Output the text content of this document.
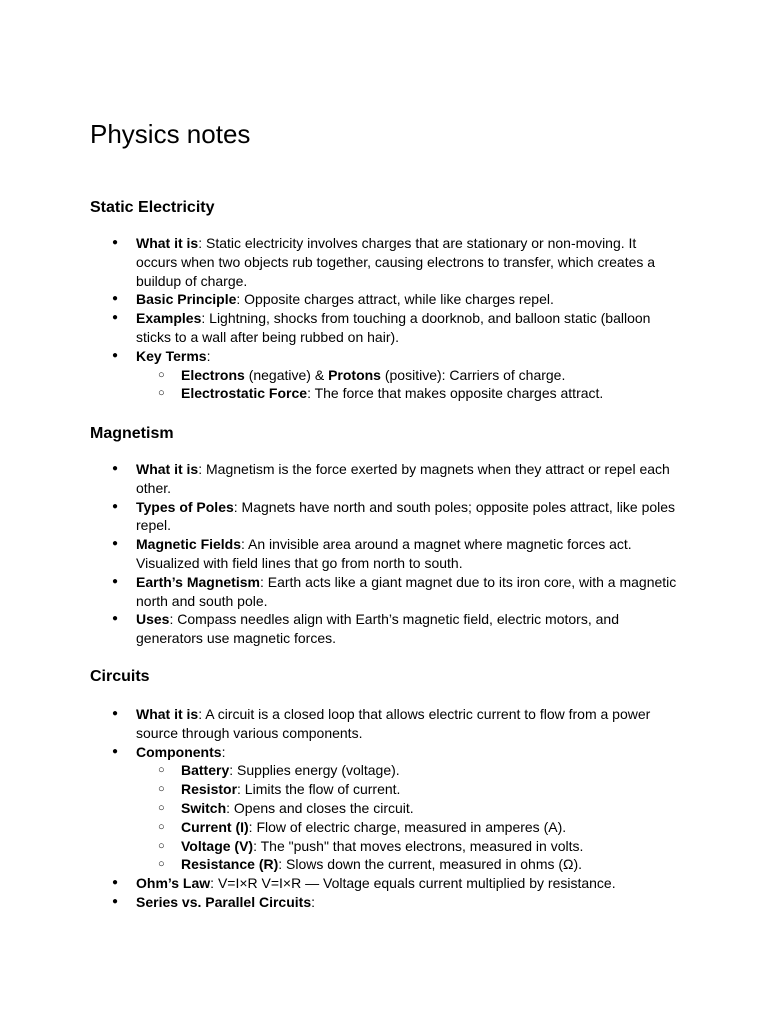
Physics notes
Static Electricity
● What it is: Static electricity involves charges that are stationary or non-moving. It occurs when two objects rub together, causing electrons to transfer, which creates a buildup of charge.
● Basic Principle: Opposite charges attract, while like charges repel.
● Examples: Lightning, shocks from touching a doorknob, and balloon static (balloon sticks to a wall after being rubbed on hair).
● Key Terms:
○ Electrons (negative) & Protons (positive): Carriers of charge.
○ Electrostatic Force: The force that makes opposite charges attract.
Magnetism
● What it is: Magnetism is the force exerted by magnets when they attract or repel each other.
● Types of Poles: Magnets have north and south poles; opposite poles attract, like poles repel.
● Magnetic Fields: An invisible area around a magnet where magnetic forces act. Visualized with field lines that go from north to south.
● Earth’s Magnetism: Earth acts like a giant magnet due to its iron core, with a magnetic north and south pole.
● Uses: Compass needles align with Earth’s magnetic field, electric motors, and generators use magnetic forces.
Circuits
● What it is: A circuit is a closed loop that allows electric current to flow from a power source through various components.
● Components:
○ Battery: Supplies energy (voltage).
○ Resistor: Limits the flow of current.
○ Switch: Opens and closes the circuit.
○ Current (I): Flow of electric charge, measured in amperes (A).
○ Voltage (V): The "push" that moves electrons, measured in volts.
○ Resistance (R): Slows down the current, measured in ohms (Ω).
● Ohm’s Law: V=I×R V=I×R — Voltage equals current multiplied by resistance.
● Series vs. Parallel Circuits:
